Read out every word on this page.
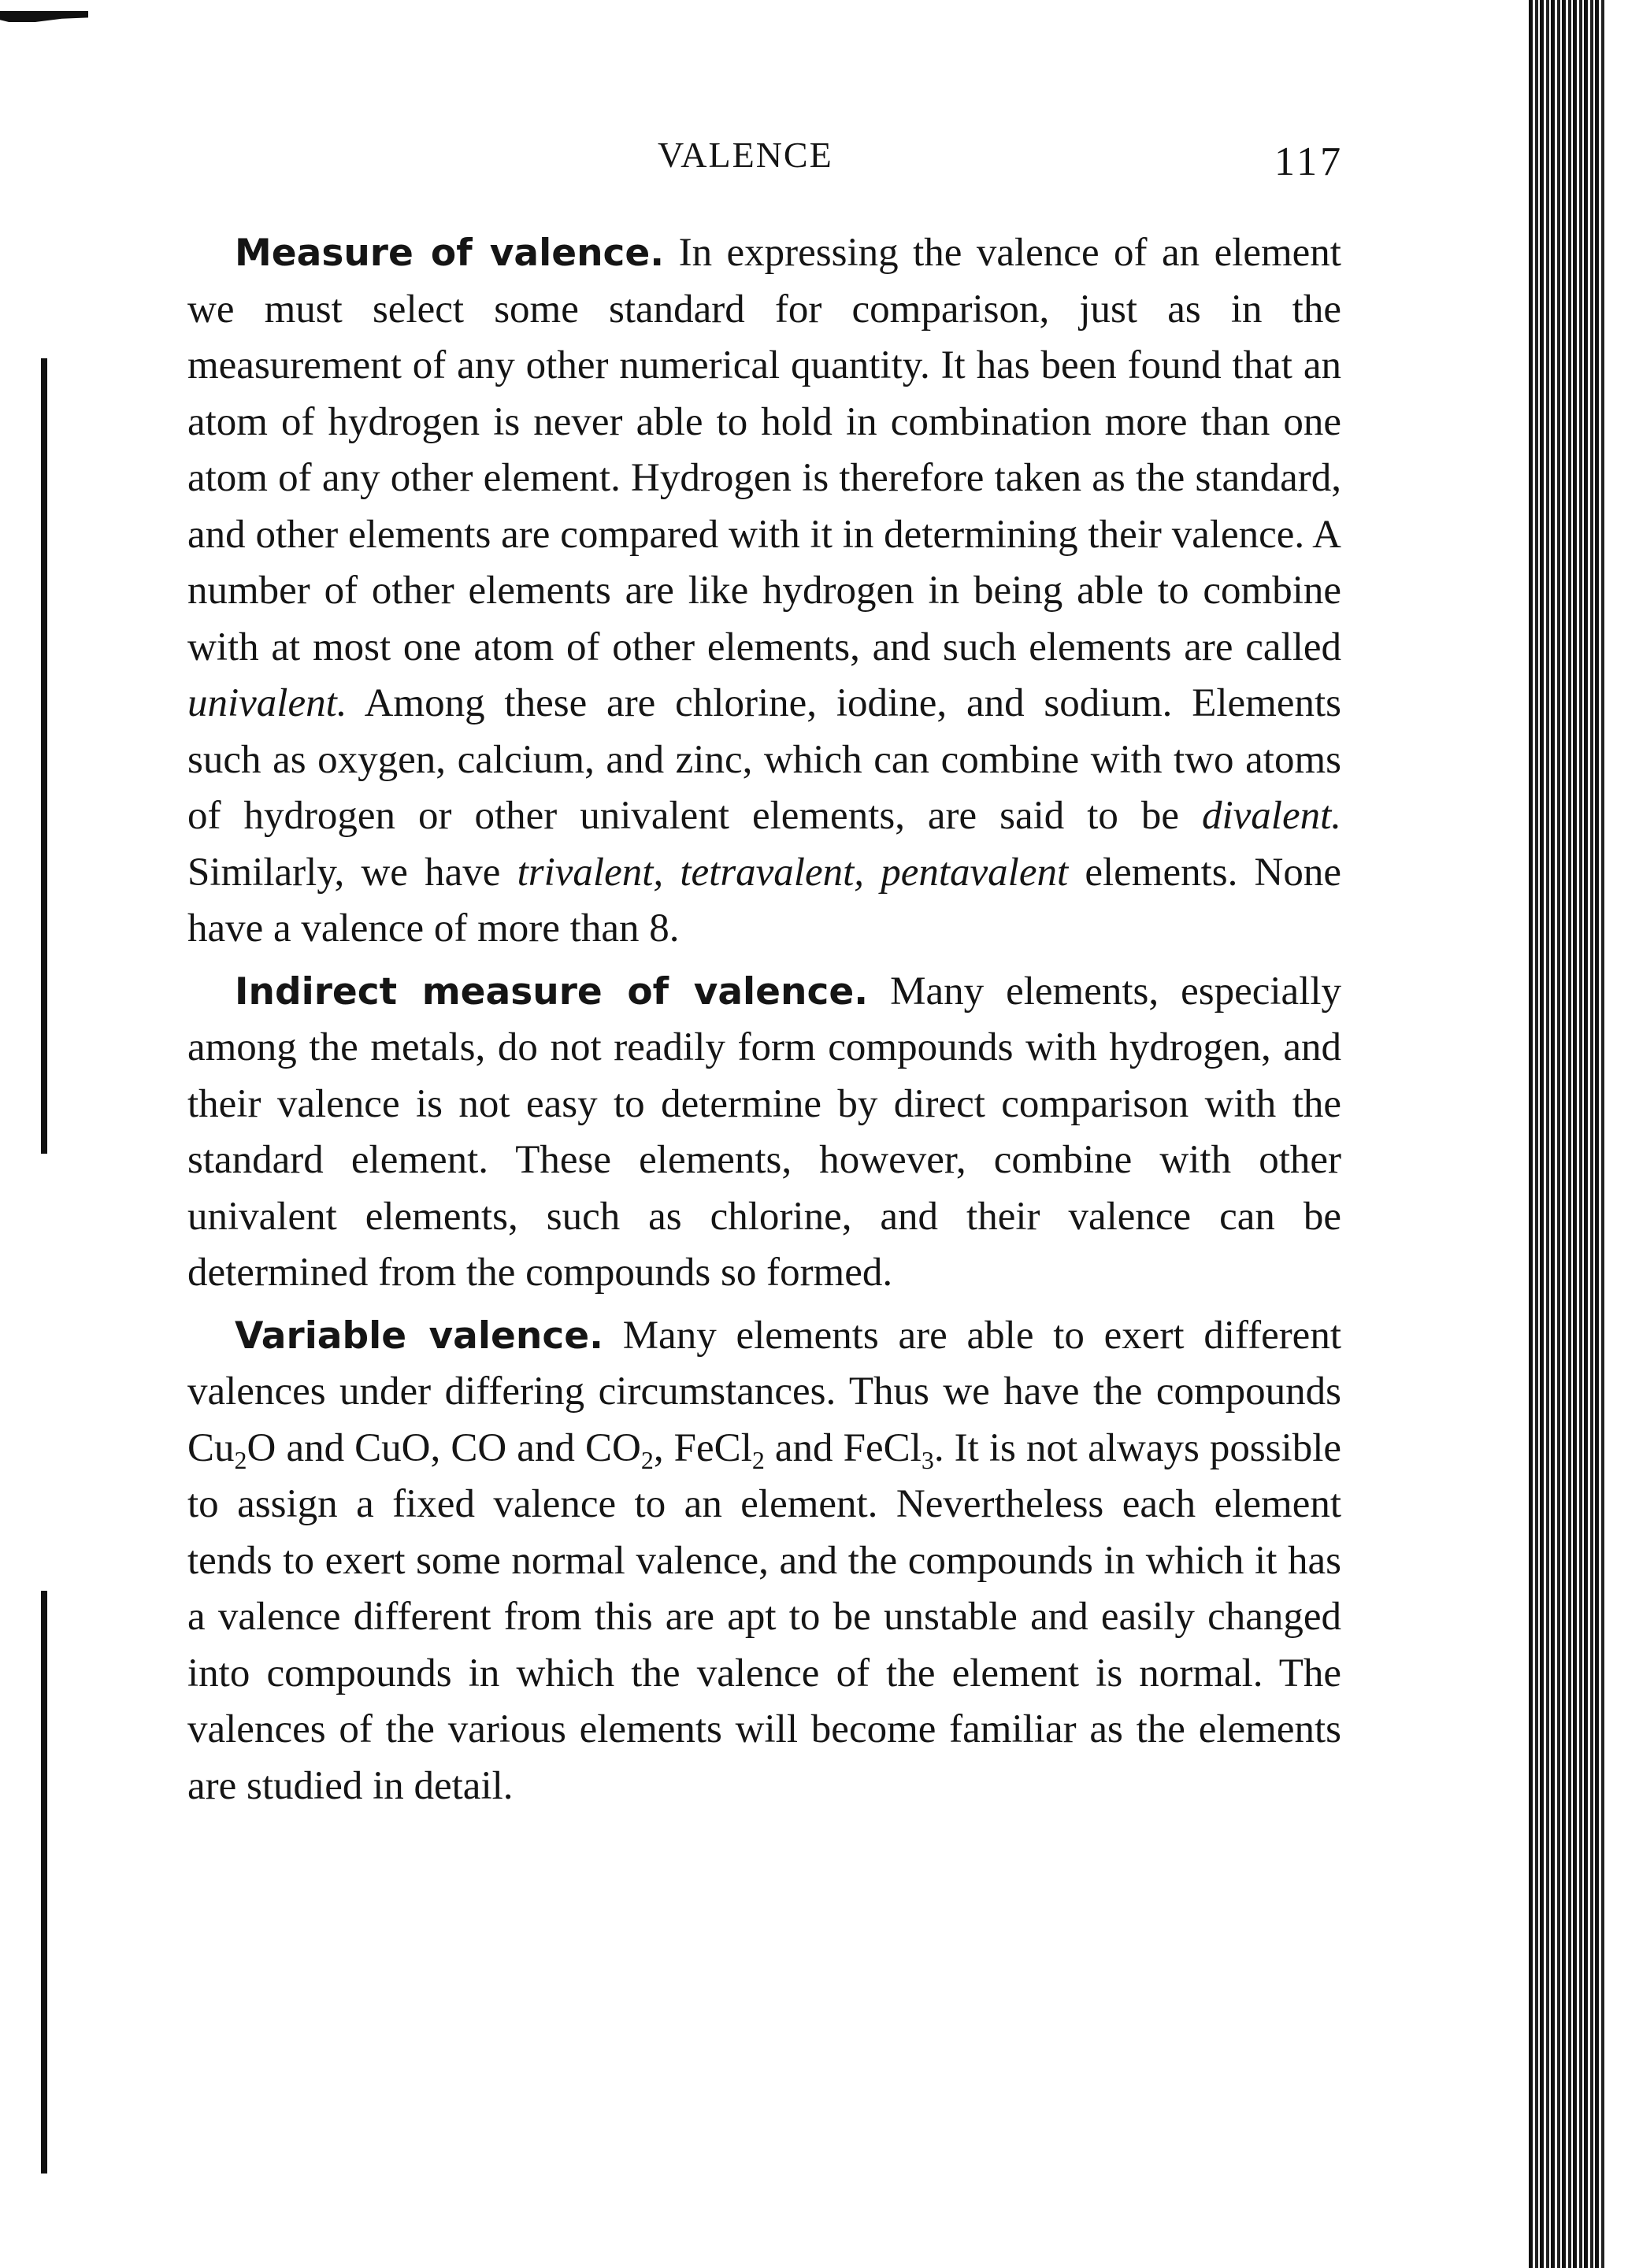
VALENCE	117

Measure of valence. In expressing the valence of an element we must select some standard for comparison, just as in the measurement of any other numerical quantity. It has been found that an atom of hydrogen is never able to hold in combination more than one atom of any other element. Hydrogen is therefore taken as the standard, and other elements are compared with it in determining their valence. A number of other elements are like hydrogen in being able to combine with at most one atom of other elements, and such elements are called univalent. Among these are chlorine, iodine, and sodium. Elements such as oxygen, calcium, and zinc, which can combine with two atoms of hydrogen or other univalent elements, are said to be divalent. Similarly, we have trivalent, tetravalent, pentavalent elements. None have a valence of more than 8.

Indirect measure of valence. Many elements, especially among the metals, do not readily form compounds with hydrogen, and their valence is not easy to determine by direct comparison with the standard element. These elements, however, combine with other univalent elements, such as chlorine, and their valence can be determined from the compounds so formed.

Variable valence. Many elements are able to exert different valences under differing circumstances. Thus we have the compounds $Cu_2O$ and CuO, CO and $CO_2$, FeCl$_2$ and FeCl$_3$. It is not always possible to assign a fixed valence to an element. Nevertheless each element tends to exert some normal valence, and the compounds in which it has a valence different from this are apt to be unstable and easily changed into compounds in which the valence of the element is normal. The valences of the various elements will become familiar as the elements are studied in detail.
